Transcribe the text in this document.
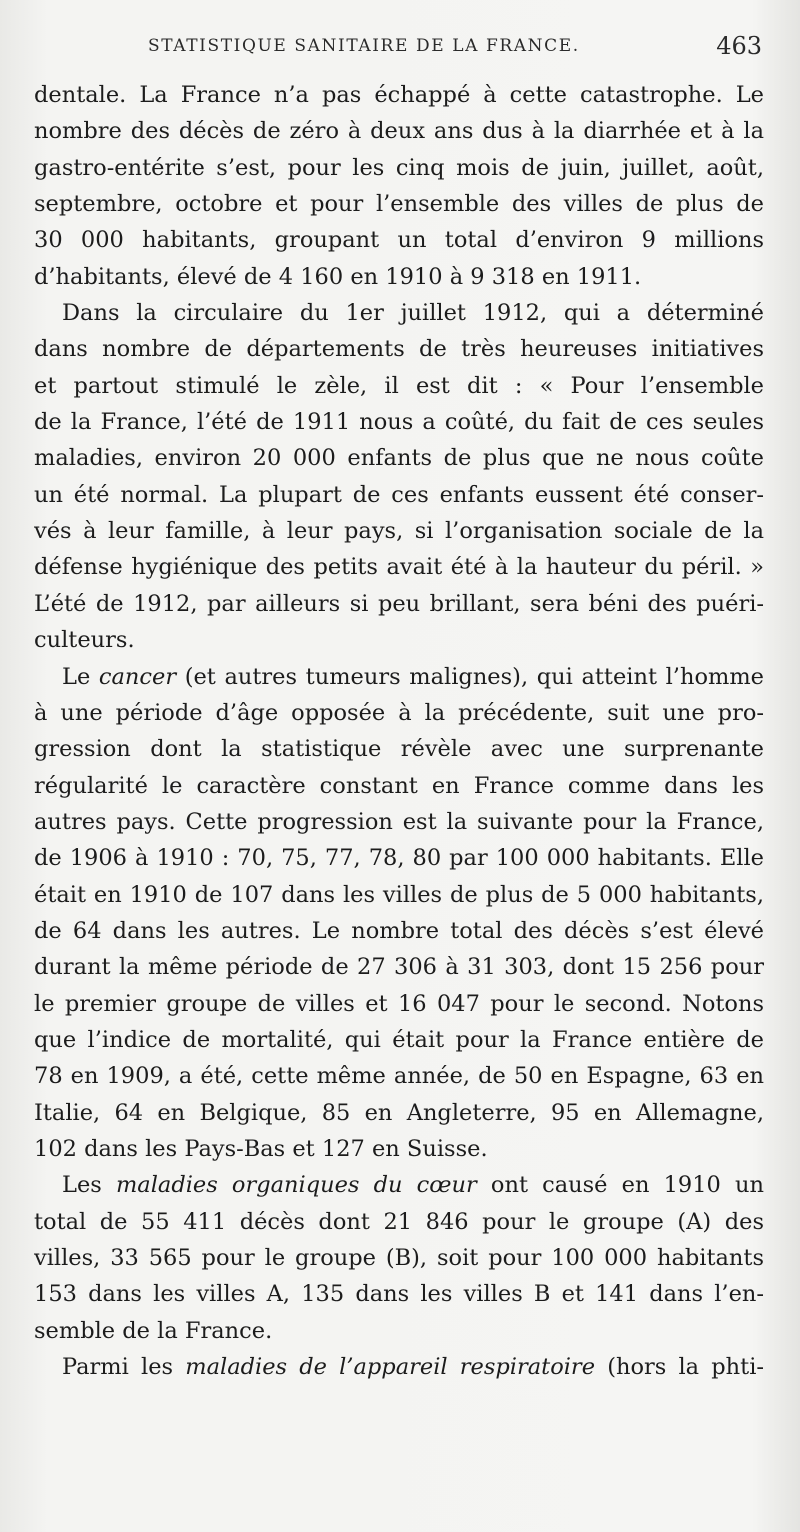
STATISTIQUE SANITAIRE DE LA FRANCE.	463
dentale. La France n’a pas échappé à cette catastrophe. Le
nombre des décès de zéro à deux ans dus à la diarrhée et à la
gastro-entérite s’est, pour les cinq mois de juin, juillet, août,
septembre, octobre et pour l’ensemble des villes de plus de
30 000 habitants, groupant un total d’environ 9 millions
d’habitants, élevé de 4 160 en 1910 à 9 318 en 1911.
Dans la circulaire du 1er juillet 1912, qui a déterminé
dans nombre de départements de très heureuses initiatives
et partout stimulé le zèle, il est dit : « Pour l’ensemble
de la France, l’été de 1911 nous a coûté, du fait de ces seules
maladies, environ 20 000 enfants de plus que ne nous coûte
un été normal. La plupart de ces enfants eussent été conser-
vés à leur famille, à leur pays, si l’organisation sociale de la
défense hygiénique des petits avait été à la hauteur du péril. »
L’été de 1912, par ailleurs si peu brillant, sera béni des puéri-
culteurs.
Le cancer (et autres tumeurs malignes), qui atteint l’homme
à une période d’âge opposée à la précédente, suit une pro-
gression dont la statistique révèle avec une surprenante
régularité le caractère constant en France comme dans les
autres pays. Cette progression est la suivante pour la France,
de 1906 à 1910 : 70, 75, 77, 78, 80 par 100 000 habitants. Elle
était en 1910 de 107 dans les villes de plus de 5 000 habitants,
de 64 dans les autres. Le nombre total des décès s’est élevé
durant la même période de 27 306 à 31 303, dont 15 256 pour
le premier groupe de villes et 16 047 pour le second. Notons
que l’indice de mortalité, qui était pour la France entière de
78 en 1909, a été, cette même année, de 50 en Espagne, 63 en
Italie, 64 en Belgique, 85 en Angleterre, 95 en Allemagne,
102 dans les Pays-Bas et 127 en Suisse.
Les maladies organiques du cœur ont causé en 1910 un
total de 55 411 décès dont 21 846 pour le groupe (A) des
villes, 33 565 pour le groupe (B), soit pour 100 000 habitants
153 dans les villes A, 135 dans les villes B et 141 dans l’en-
semble de la France.
Parmi les maladies de l’appareil respiratoire (hors la phti-
